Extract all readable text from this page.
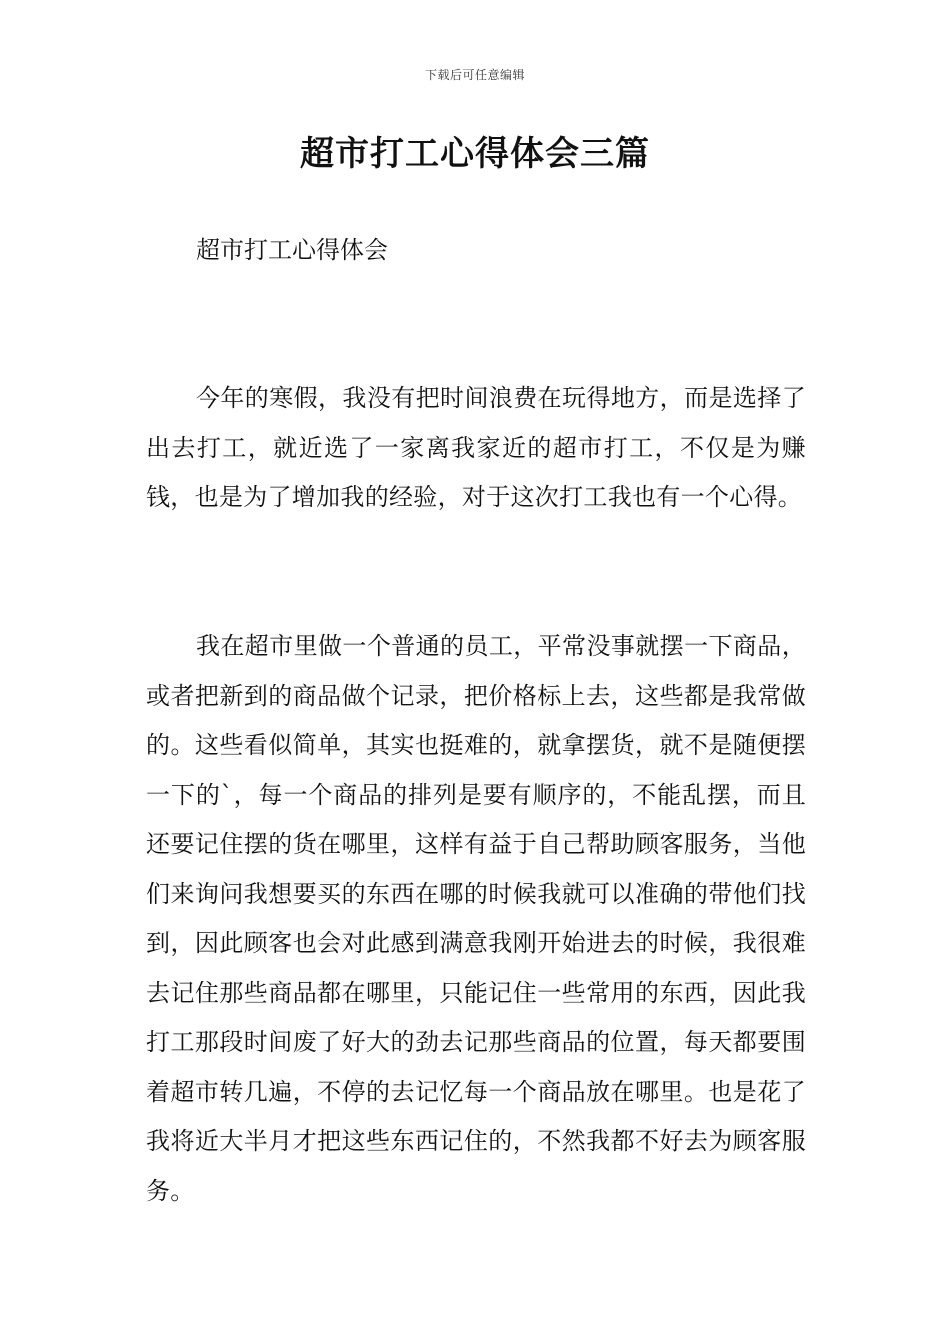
下载后可任意编辑
超市打工心得体会三篇

超市打工心得体会

今年的寒假，我没有把时间浪费在玩得地方，而是选择了出去打工，就近选了一家离我家近的超市打工，不仅是为赚钱，也是为了增加我的经验，对于这次打工我也有一个心得。

我在超市里做一个普通的员工，平常没事就摆一下商品，或者把新到的商品做个记录，把价格标上去，这些都是我常做的。这些看似简单，其实也挺难的，就拿摆货，就不是随便摆一下的`，每一个商品的排列是要有顺序的，不能乱摆，而且还要记住摆的货在哪里，这样有益于自己帮助顾客服务，当他们来询问我想要买的东西在哪的时候我就可以准确的带他们找到，因此顾客也会对此感到满意我刚开始进去的时候，我很难去记住那些商品都在哪里，只能记住一些常用的东西，因此我打工那段时间废了好大的劲去记那些商品的位置，每天都要围着超市转几遍，不停的去记忆每一个商品放在哪里。也是花了我将近大半月才把这些东西记住的，不然我都不好去为顾客服务。
